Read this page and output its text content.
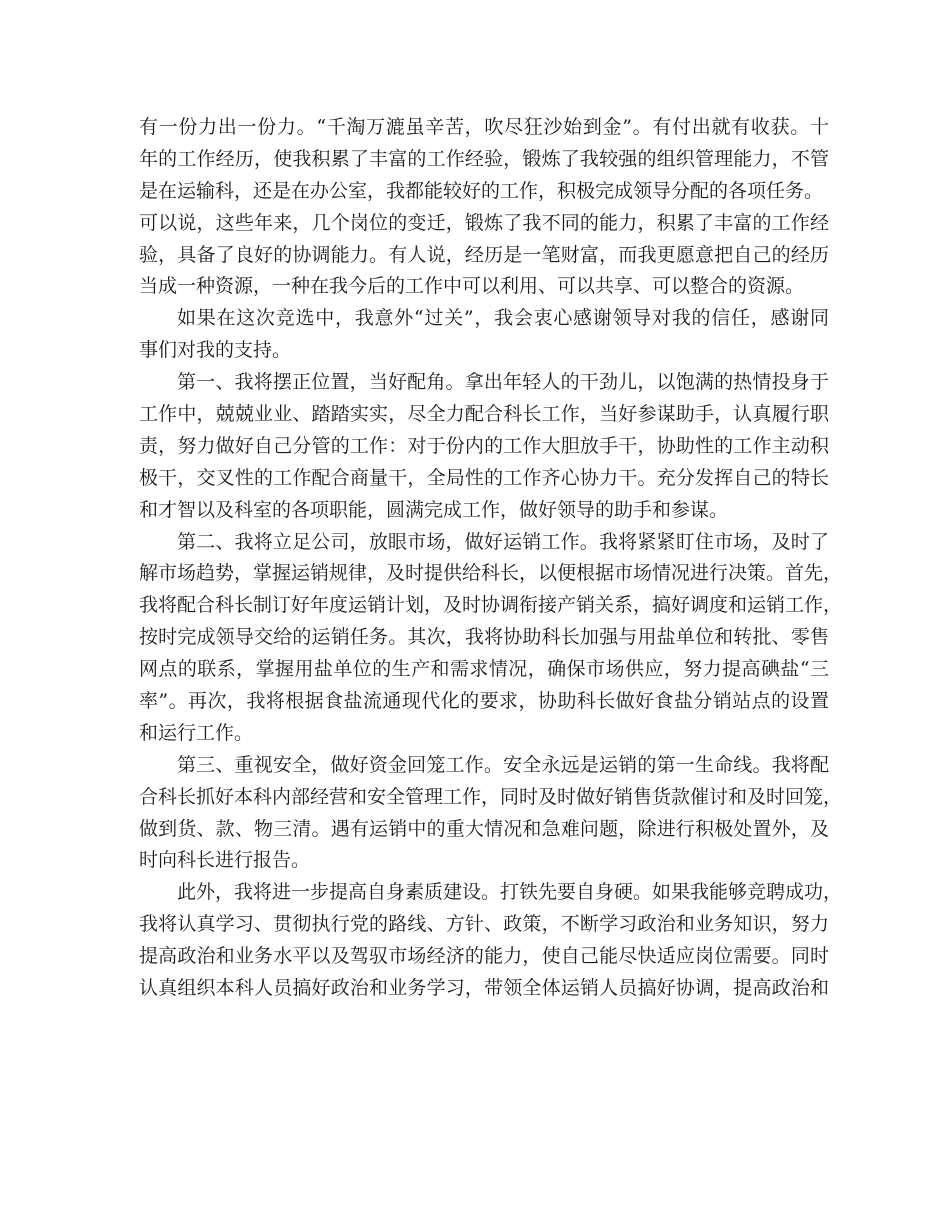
有一份力出一份力。“千淘万漉虽辛苦，吹尽狂沙始到金”。有付出就有收获。十
年的工作经历，使我积累了丰富的工作经验，锻炼了我较强的组织管理能力，不管
是在运输科，还是在办公室，我都能较好的工作，积极完成领导分配的各项任务。
可以说，这些年来，几个岗位的变迁，锻炼了我不同的能力，积累了丰富的工作经
验，具备了良好的协调能力。有人说，经历是一笔财富，而我更愿意把自己的经历
当成一种资源，一种在我今后的工作中可以利用、可以共享、可以整合的资源。
如果在这次竞选中，我意外“过关”，我会衷心感谢领导对我的信任，感谢同
事们对我的支持。
第一、我将摆正位置，当好配角。拿出年轻人的干劲儿，以饱满的热情投身于
工作中，兢兢业业、踏踏实实，尽全力配合科长工作，当好参谋助手，认真履行职
责，努力做好自己分管的工作：对于份内的工作大胆放手干，协助性的工作主动积
极干，交叉性的工作配合商量干，全局性的工作齐心协力干。充分发挥自己的特长
和才智以及科室的各项职能，圆满完成工作，做好领导的助手和参谋。
第二、我将立足公司，放眼市场，做好运销工作。我将紧紧盯住市场，及时了
解市场趋势，掌握运销规律，及时提供给科长，以便根据市场情况进行决策。首先，
我将配合科长制订好年度运销计划，及时协调衔接产销关系，搞好调度和运销工作，
按时完成领导交给的运销任务。其次，我将协助科长加强与用盐单位和转批、零售
网点的联系，掌握用盐单位的生产和需求情况，确保市场供应，努力提高碘盐“三
率”。再次，我将根据食盐流通现代化的要求，协助科长做好食盐分销站点的设置
和运行工作。
第三、重视安全，做好资金回笼工作。安全永远是运销的第一生命线。我将配
合科长抓好本科内部经营和安全管理工作，同时及时做好销售货款催讨和及时回笼，
做到货、款、物三清。遇有运销中的重大情况和急难问题，除进行积极处置外，及
时向科长进行报告。
此外，我将进一步提高自身素质建设。打铁先要自身硬。如果我能够竞聘成功，
我将认真学习、贯彻执行党的路线、方针、政策，不断学习政治和业务知识，努力
提高政治和业务水平以及驾驭市场经济的能力，使自己能尽快适应岗位需要。同时
认真组织本科人员搞好政治和业务学习，带领全体运销人员搞好协调，提高政治和
